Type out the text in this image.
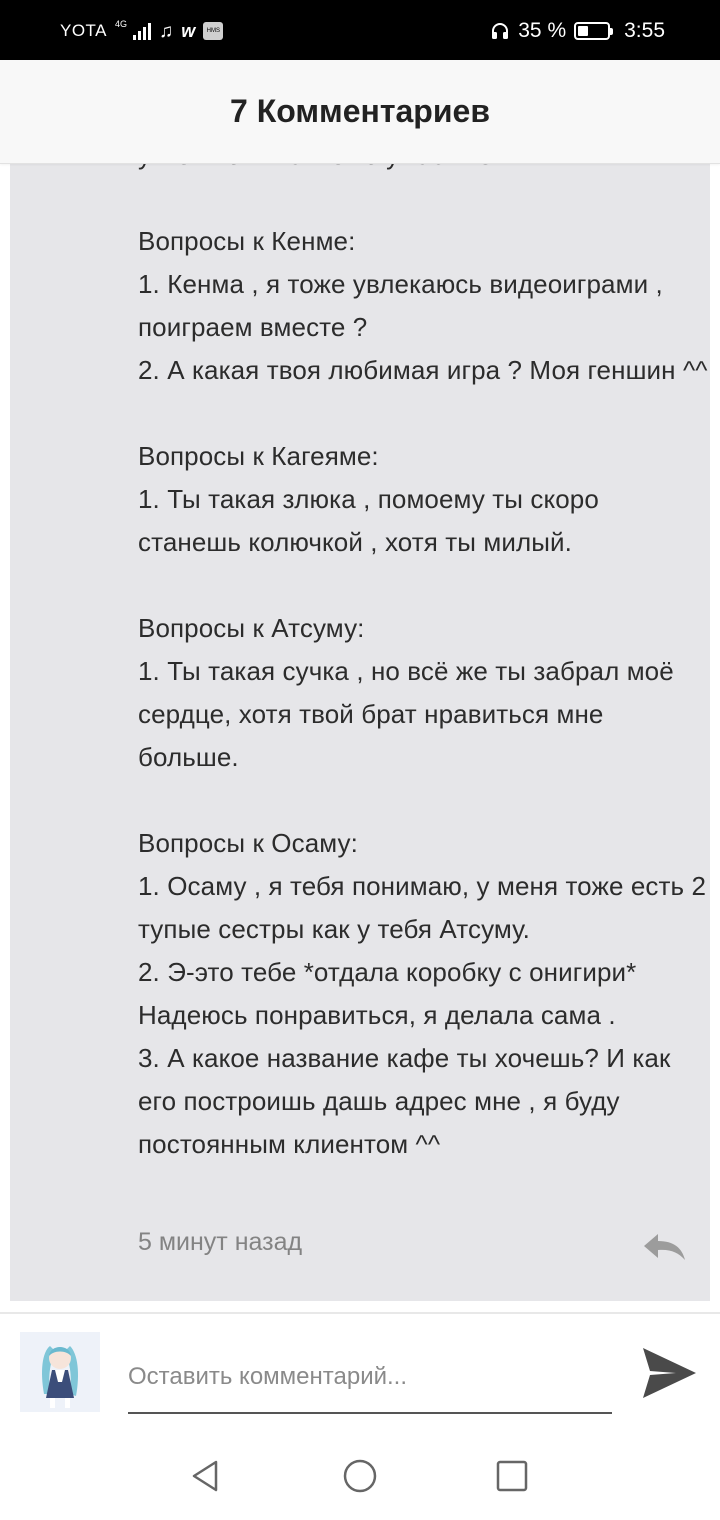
YOTA 4G ♫ w	HMS	35 %	3:55
7 Комментариев

Вопросы к Кенме:
1. Кенма , я тоже увлекаюсь видеоиграми , поиграем вместе ?
2. А какая твоя любимая игра ? Моя геншин ^^

Вопросы к Кагеяме:
1. Ты такая злюка , помоему ты скоро станешь колючкой , хотя ты милый.

Вопросы к Атсуму:
1. Ты такая сучка , но всё же ты забрал моё сердце, хотя твой брат нравиться мне больше.

Вопросы к Осаму:
1. Осаму , я тебя понимаю, у меня тоже есть 2 тупые сестры как у тебя Атсуму.
2. Э-это тебе *отдала коробку с онигири* Надеюсь понравиться, я делала сама .
3. А какое название кафе ты хочешь? И как его построишь дашь адрес мне , я буду постоянным клиентом ^^
5 минут назад
Оставить комментарий...
